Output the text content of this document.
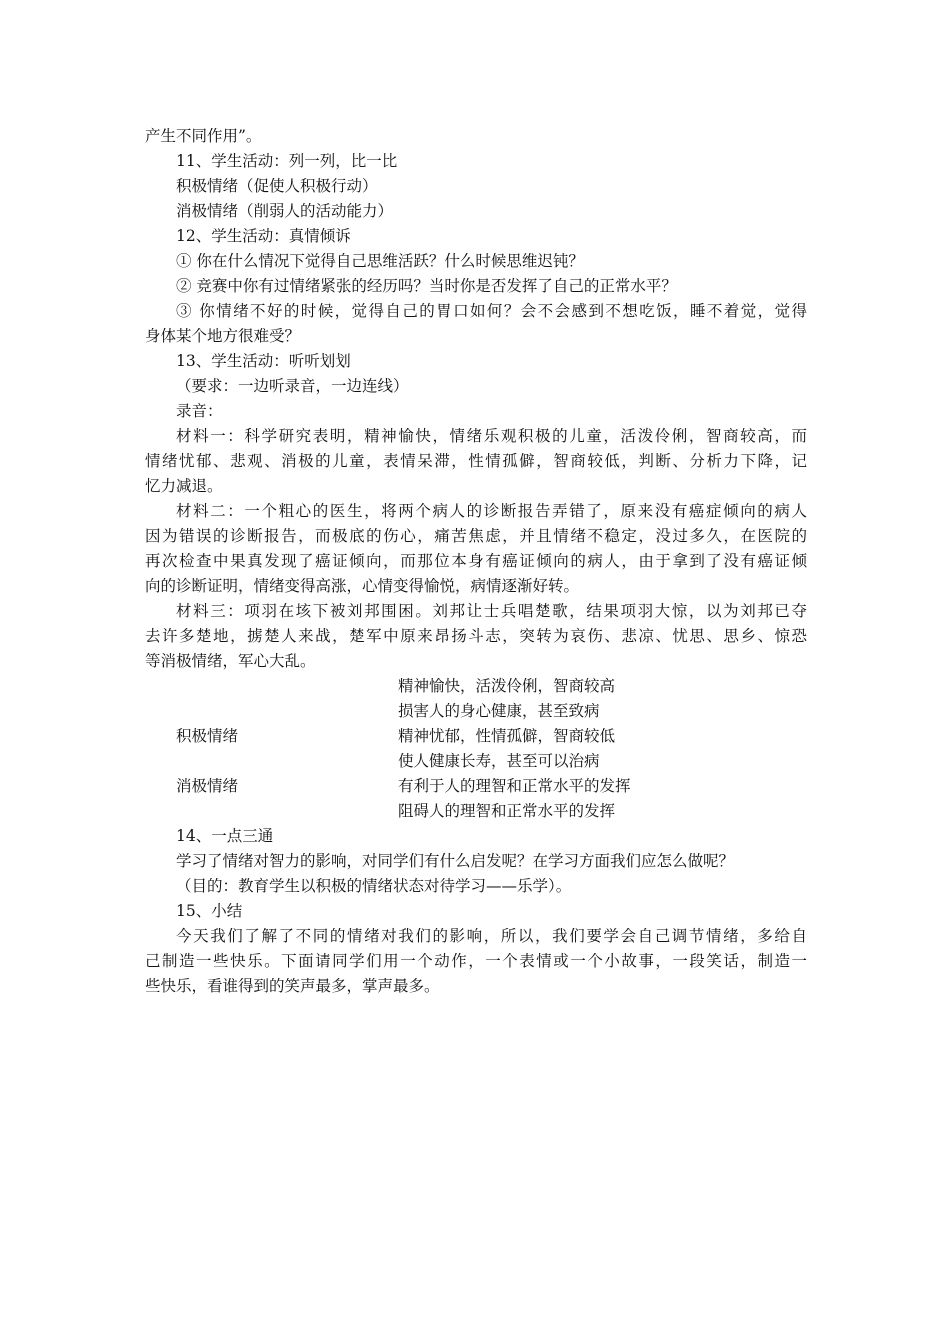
产生不同作用”。
11、学生活动：列一列，比一比
积极情绪（促使人积极行动）
消极情绪（削弱人的活动能力）
12、学生活动：真情倾诉
① 你在什么情况下觉得自己思维活跃？什么时候思维迟钝？
② 竞赛中你有过情绪紧张的经历吗？当时你是否发挥了自己的正常水平？
③ 你情绪不好的时候，觉得自己的胃口如何？会不会感到不想吃饭，睡不着觉，觉得
身体某个地方很难受？
13、学生活动：听听划划
（要求：一边听录音，一边连线）
录音：
材料一：科学研究表明，精神愉快，情绪乐观积极的儿童，活泼伶俐，智商较高，而
情绪忧郁、悲观、消极的儿童，表情呆滞，性情孤僻，智商较低，判断、分析力下降，记
忆力减退。
材料二：一个粗心的医生，将两个病人的诊断报告弄错了，原来没有癌症倾向的病人
因为错误的诊断报告，而极底的伤心，痛苦焦虑，并且情绪不稳定，没过多久，在医院的
再次检查中果真发现了癌证倾向，而那位本身有癌证倾向的病人，由于拿到了没有癌证倾
向的诊断证明，情绪变得高涨，心情变得愉悦，病情逐渐好转。
材料三：项羽在垓下被刘邦围困。刘邦让士兵唱楚歌，结果项羽大惊，以为刘邦已夺
去许多楚地，掳楚人来战，楚军中原来昂扬斗志，突转为哀伤、悲凉、忧思、思乡、惊恐
等消极情绪，军心大乱。
精神愉快，活泼伶俐，智商较高
损害人的身心健康，甚至致病
积极情绪	精神忧郁，性情孤僻，智商较低
使人健康长寿，甚至可以治病
消极情绪	有利于人的理智和正常水平的发挥
阻碍人的理智和正常水平的发挥
14、一点三通
学习了情绪对智力的影响，对同学们有什么启发呢？在学习方面我们应怎么做呢？
（目的：教育学生以积极的情绪状态对待学习——乐学）。
15、小结
今天我们了解了不同的情绪对我们的影响，所以，我们要学会自己调节情绪，多给自
己制造一些快乐。下面请同学们用一个动作，一个表情或一个小故事，一段笑话，制造一
些快乐，看谁得到的笑声最多，掌声最多。
